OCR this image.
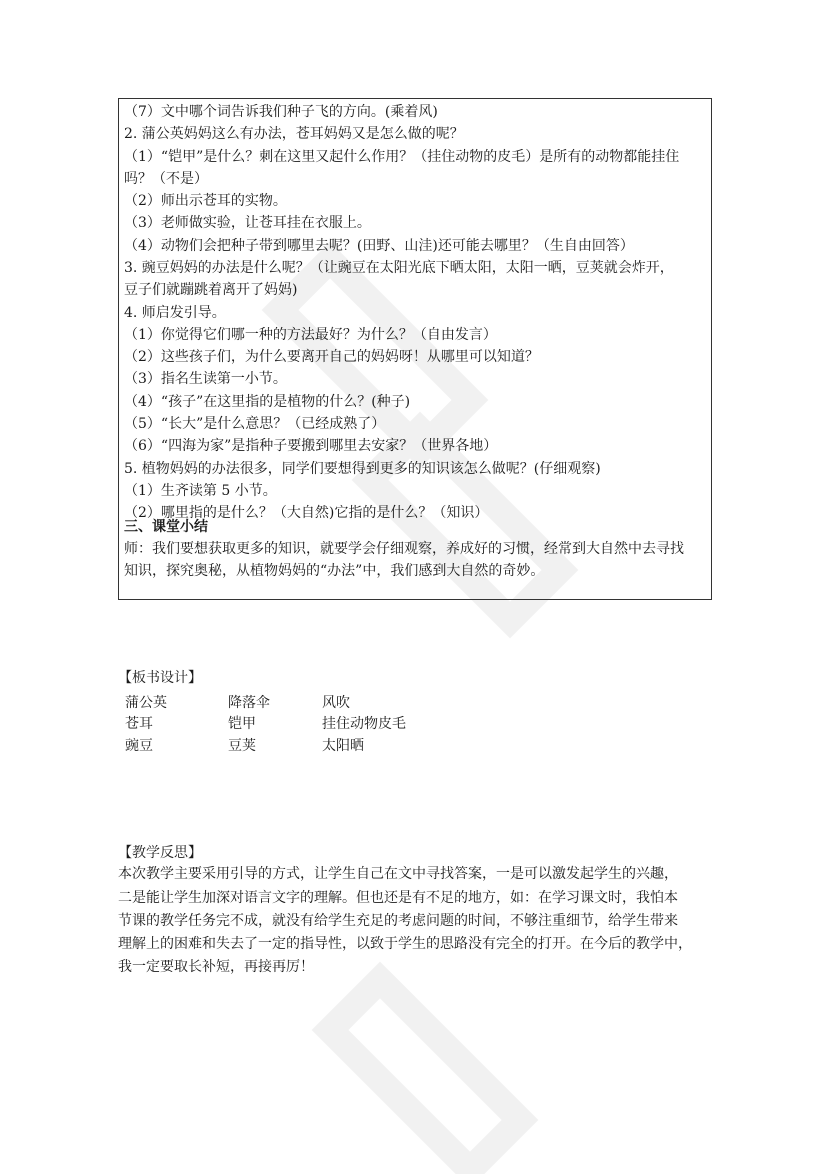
（7）文中哪个词告诉我们种子飞的方向。(乘着风)
2. 蒲公英妈妈这么有办法，苍耳妈妈又是怎么做的呢？
（1）“铠甲”是什么？刺在这里又起什么作用？（挂住动物的皮毛）是所有的动物都能挂住
吗？（不是）
（2）师出示苍耳的实物。
（3）老师做实验，让苍耳挂在衣服上。
（4）动物们会把种子带到哪里去呢？(田野、山洼)还可能去哪里？（生自由回答）
3. 豌豆妈妈的办法是什么呢？（让豌豆在太阳光底下晒太阳，太阳一晒，豆荚就会炸开，
豆子们就蹦跳着离开了妈妈)
4. 师启发引导。
（1）你觉得它们哪一种的方法最好？为什么？（自由发言）
（2）这些孩子们，为什么要离开自己的妈妈呀！从哪里可以知道？
（3）指名生读第一小节。
（4）“孩子”在这里指的是植物的什么？(种子)
（5）“长大”是什么意思？（已经成熟了）
（6）“四海为家”是指种子要搬到哪里去安家？（世界各地）
5. 植物妈妈的办法很多，同学们要想得到更多的知识该怎么做呢？(仔细观察)
（1）生齐读第 5 小节。
（2）哪里指的是什么？（大自然)它指的是什么？（知识）
三、课堂小结
师：我们要想获取更多的知识，就要学会仔细观察，养成好的习惯，经常到大自然中去寻找
知识，探究奥秘，从植物妈妈的“办法”中，我们感到大自然的奇妙。
【板书设计】
蒲公英	降落伞	风吹
苍耳	铠甲	挂住动物皮毛
豌豆	豆荚	太阳晒
【教学反思】
本次教学主要采用引导的方式，让学生自己在文中寻找答案，一是可以激发起学生的兴趣，
二是能让学生加深对语言文字的理解。但也还是有不足的地方，如：在学习课文时，我怕本
节课的教学任务完不成，就没有给学生充足的考虑问题的时间，不够注重细节，给学生带来
理解上的困难和失去了一定的指导性，以致于学生的思路没有完全的打开。在今后的教学中，
我一定要取长补短，再接再厉！
